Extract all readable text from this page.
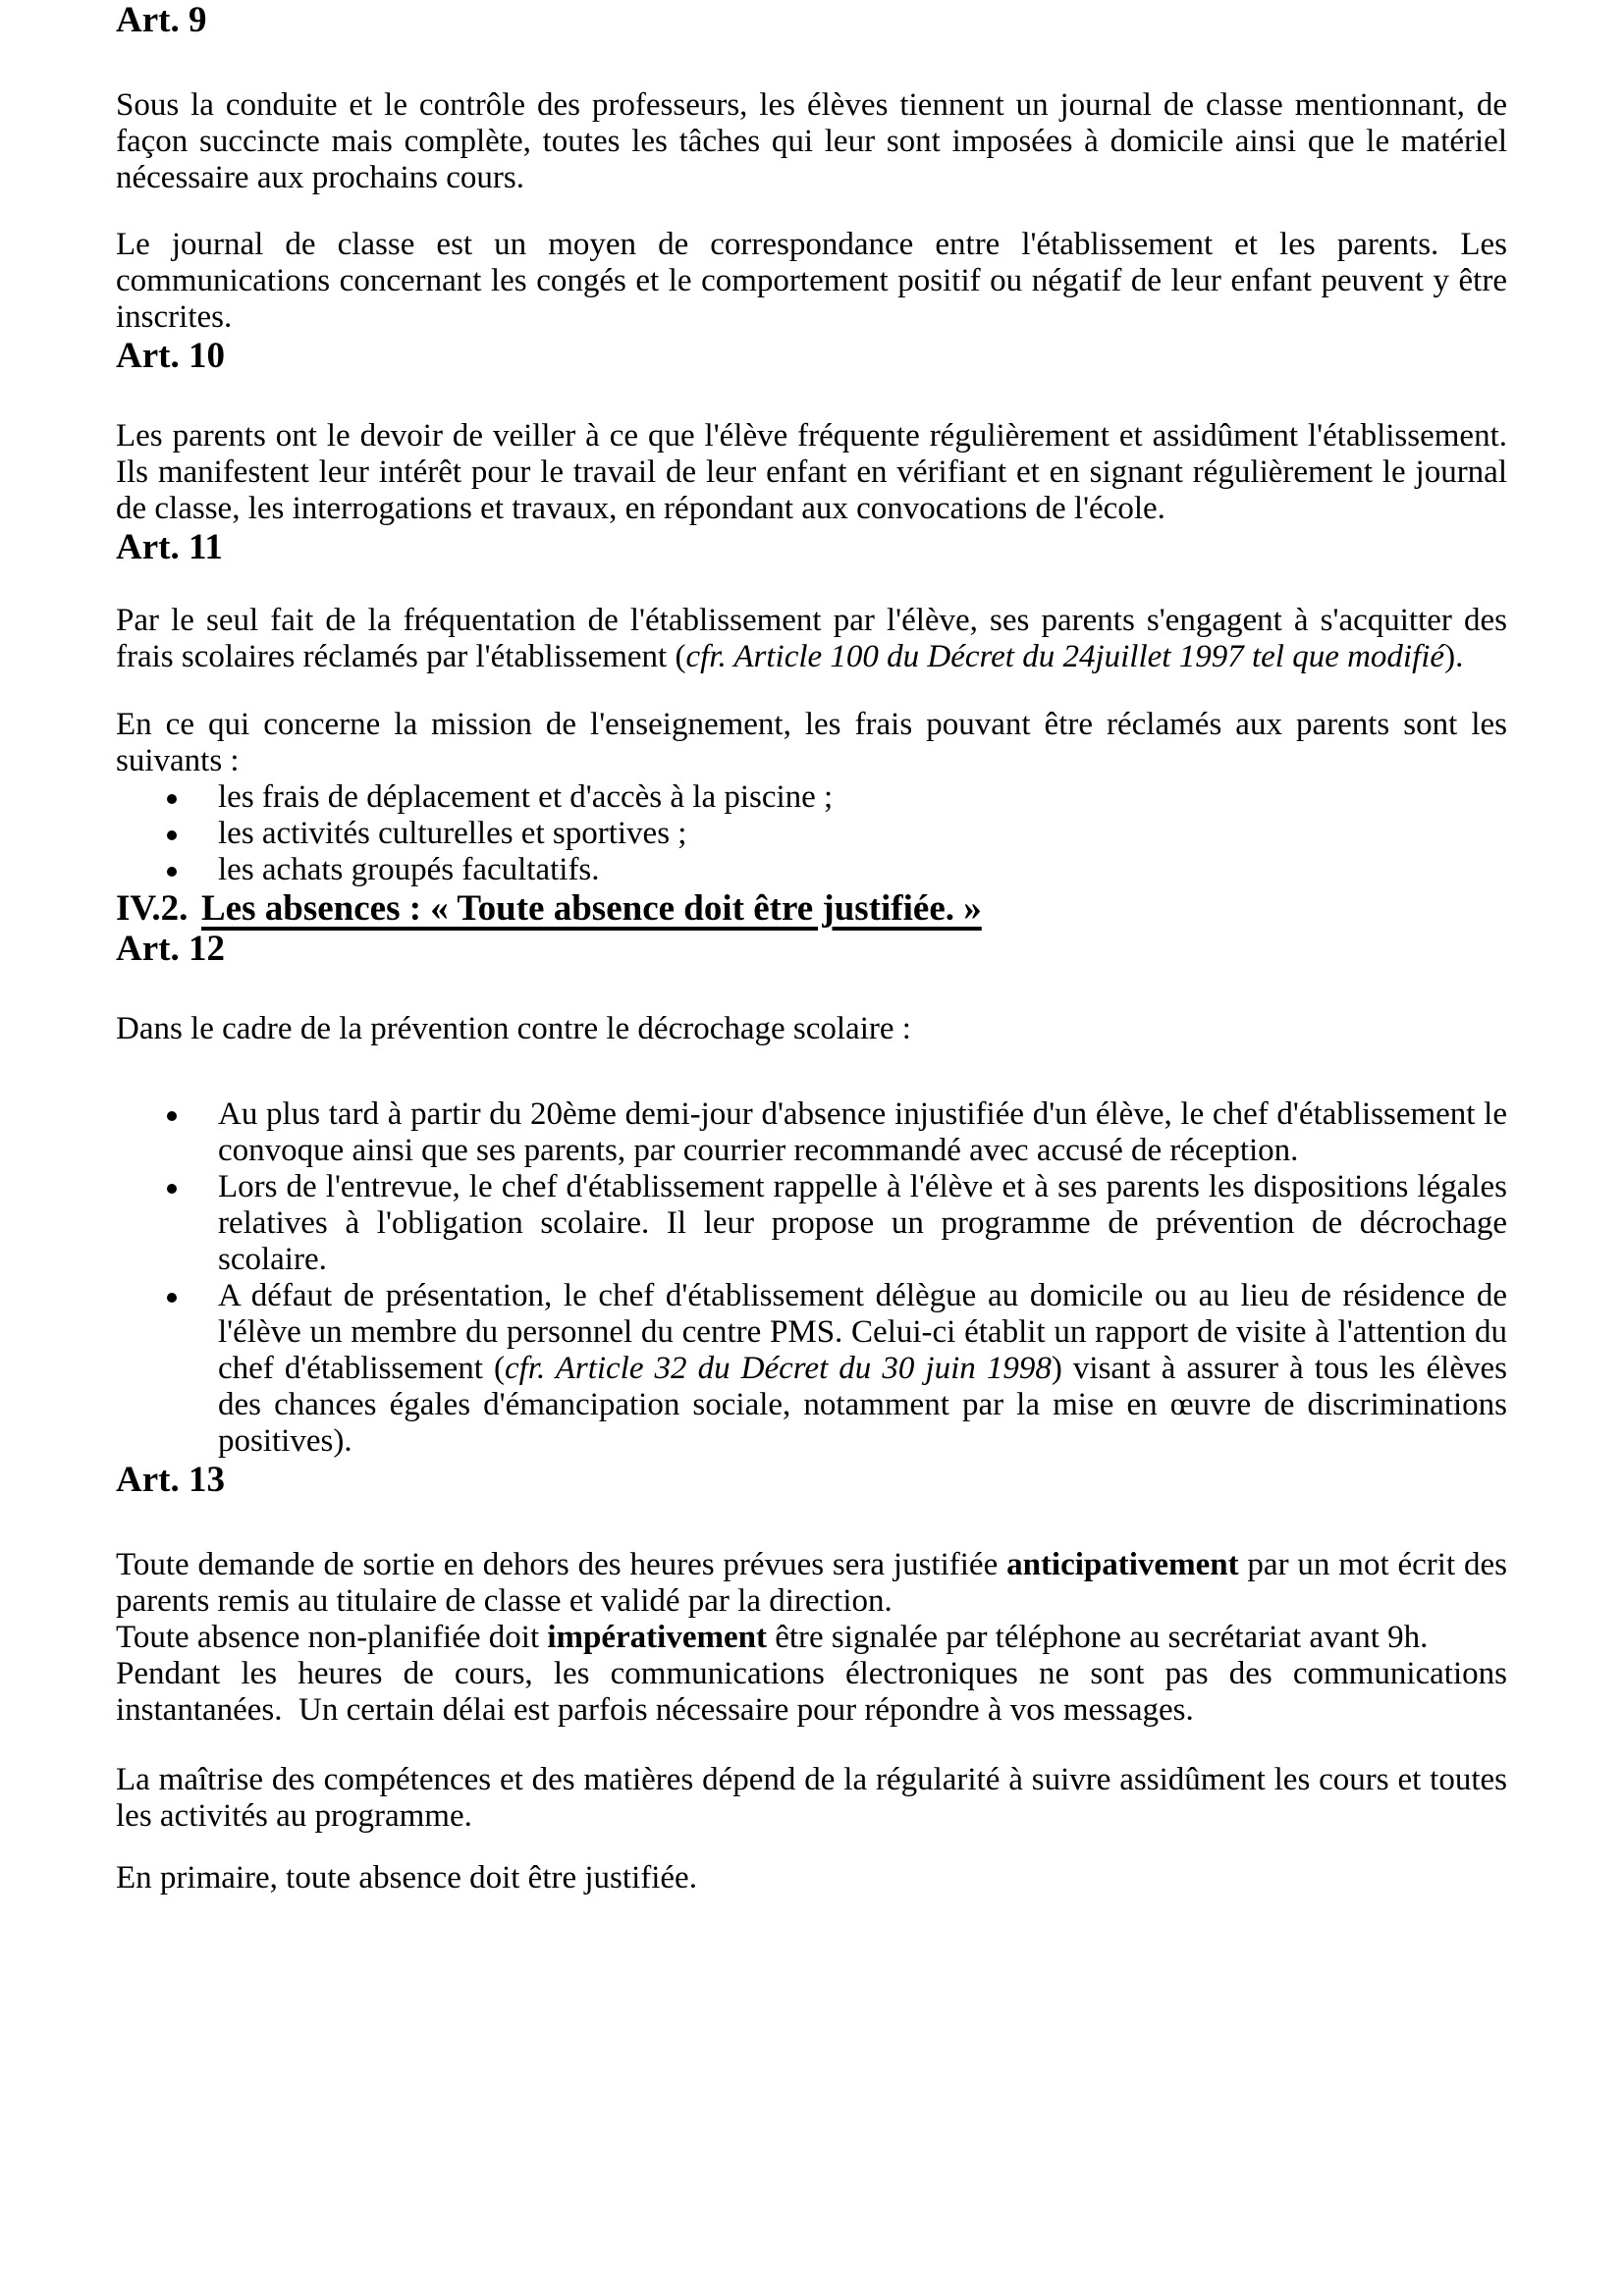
Art. 9

Sous la conduite et le contrôle des professeurs, les élèves tiennent un journal de classe mentionnant, de façon succincte mais complète, toutes les tâches qui leur sont imposées à domicile ainsi que le matériel nécessaire aux prochains cours.

Le journal de classe est un moyen de correspondance entre l'établissement et les parents. Les communications concernant les congés et le comportement positif ou négatif de leur enfant peuvent y être inscrites.

Art. 10

Les parents ont le devoir de veiller à ce que l'élève fréquente régulièrement et assidûment l'établissement. Ils manifestent leur intérêt pour le travail de leur enfant en vérifiant et en signant régulièrement le journal de classe, les interrogations et travaux, en répondant aux convocations de l'école.

Art. 11

Par le seul fait de la fréquentation de l'établissement par l'élève, ses parents s'engagent à s'acquitter des frais scolaires réclamés par l'établissement (cfr. Article 100 du Décret du 24juillet 1997 tel que modifié).

En ce qui concerne la mission de l'enseignement, les frais pouvant être réclamés aux parents sont les suivants :

les frais de déplacement et d'accès à la piscine ;
les activités culturelles et sportives ;
les achats groupés facultatifs.
IV.2. Les absences : « Toute absence doit être justifiée. »
Art. 12

Dans le cadre de la prévention contre le décrochage scolaire :

Au plus tard à partir du 20ème demi-jour d'absence injustifiée d'un élève, le chef d'établissement le convoque ainsi que ses parents, par courrier recommandé avec accusé de réception.
Lors de l'entrevue, le chef d'établissement rappelle à l'élève et à ses parents les dispositions légales relatives à l'obligation scolaire. Il leur propose un programme de prévention de décrochage scolaire.
A défaut de présentation, le chef d'établissement délègue au domicile ou au lieu de résidence de l'élève un membre du personnel du centre PMS. Celui-ci établit un rapport de visite à l'attention du chef d'établissement (cfr. Article 32 du Décret du 30 juin 1998) visant à assurer à tous les élèves des chances égales d'émancipation sociale, notamment par la mise en œuvre de discriminations positives).
Art. 13

Toute demande de sortie en dehors des heures prévues sera justifiée anticipativement par un mot écrit des parents remis au titulaire de classe et validé par la direction.

Toute absence non-planifiée doit impérativement être signalée par téléphone au secrétariat avant 9h.

Pendant les heures de cours, les communications électroniques ne sont pas des communications instantanées.  Un certain délai est parfois nécessaire pour répondre à vos messages.

La maîtrise des compétences et des matières dépend de la régularité à suivre assidûment les cours et toutes les activités au programme.

En primaire, toute absence doit être justifiée.
